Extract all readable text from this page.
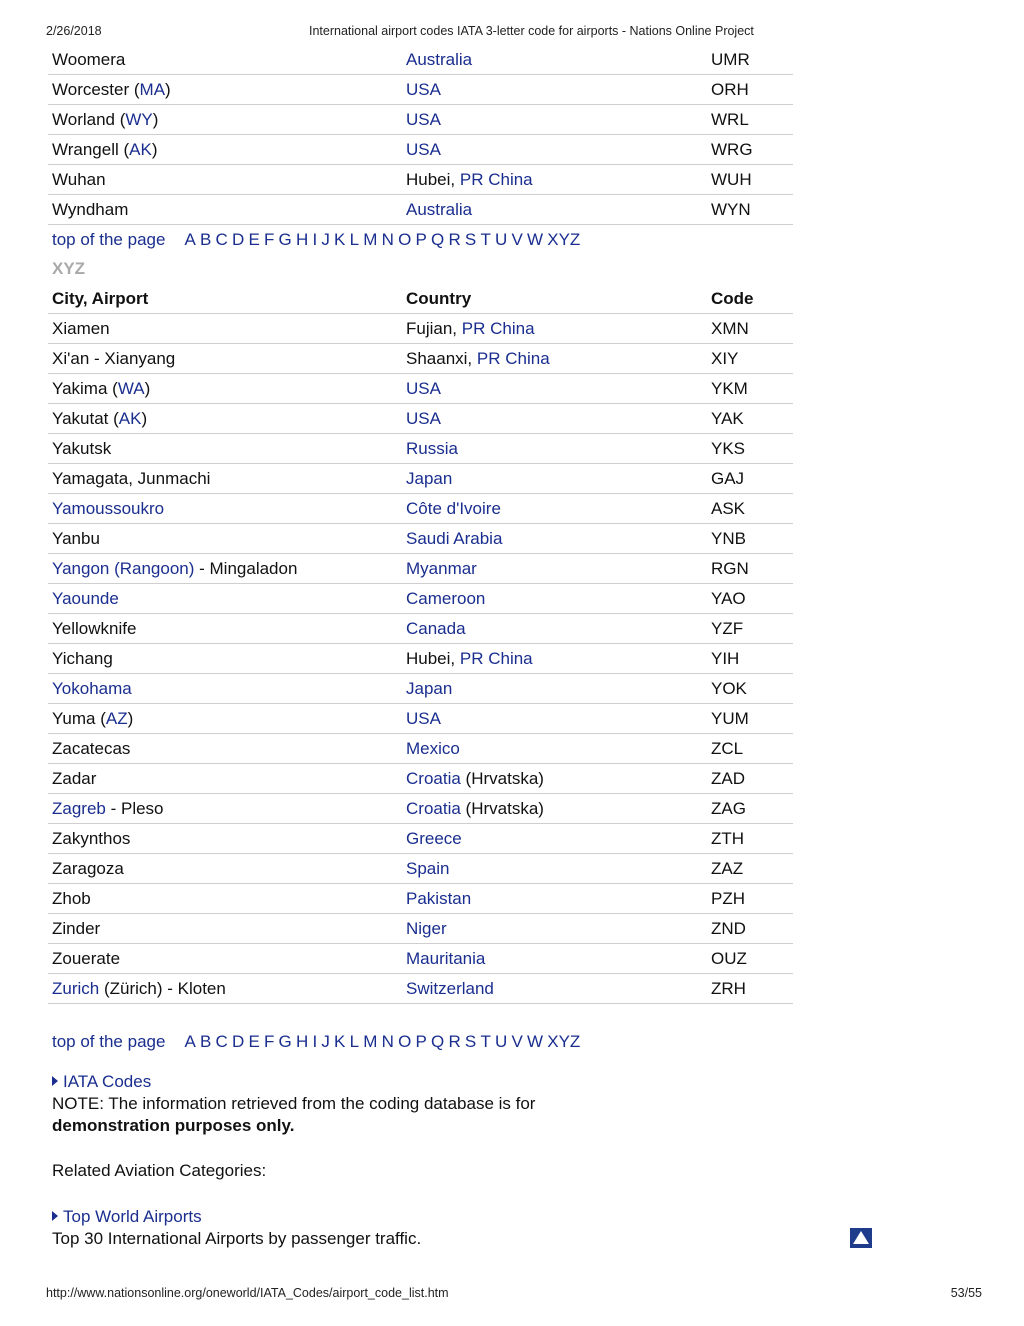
2/26/2018	International airport codes IATA 3-letter code for airports - Nations Online Project
Woomera	Australia	UMR
Worcester (MA)	USA	ORH
Worland (WY)	USA	WRL
Wrangell (AK)	USA	WRG
Wuhan	Hubei, PR China	WUH
Wyndham	Australia	WYN
top of the page A B C D E F G H I J K L M N O P Q R S T U V W XYZ
XYZ
City, Airport	Country	Code
Xiamen	Fujian, PR China	XMN
Xi'an - Xianyang	Shaanxi, PR China	XIY
Yakima (WA)	USA	YKM
Yakutat (AK)	USA	YAK
Yakutsk	Russia	YKS
Yamagata, Junmachi	Japan	GAJ
Yamoussoukro	Côte d'Ivoire	ASK
Yanbu	Saudi Arabia	YNB
Yangon (Rangoon) - Mingaladon	Myanmar	RGN
Yaounde	Cameroon	YAO
Yellowknife	Canada	YZF
Yichang	Hubei, PR China	YIH
Yokohama	Japan	YOK
Yuma (AZ)	USA	YUM
Zacatecas	Mexico	ZCL
Zadar	Croatia (Hrvatska)	ZAD
Zagreb - Pleso	Croatia (Hrvatska)	ZAG
Zakynthos	Greece	ZTH
Zaragoza	Spain	ZAZ
Zhob	Pakistan	PZH
Zinder	Niger	ZND
Zouerate	Mauritania	OUZ
Zurich (Zürich) - Kloten	Switzerland	ZRH
top of the page A B C D E F G H I J K L M N O P Q R S T U V W XYZ
IATA Codes
NOTE: The information retrieved from the coding database is for
demonstration purposes only.
Related Aviation Categories:
Top World Airports
Top 30 International Airports by passenger traffic.
http://www.nationsonline.org/oneworld/IATA_Codes/airport_code_list.htm	53/55
